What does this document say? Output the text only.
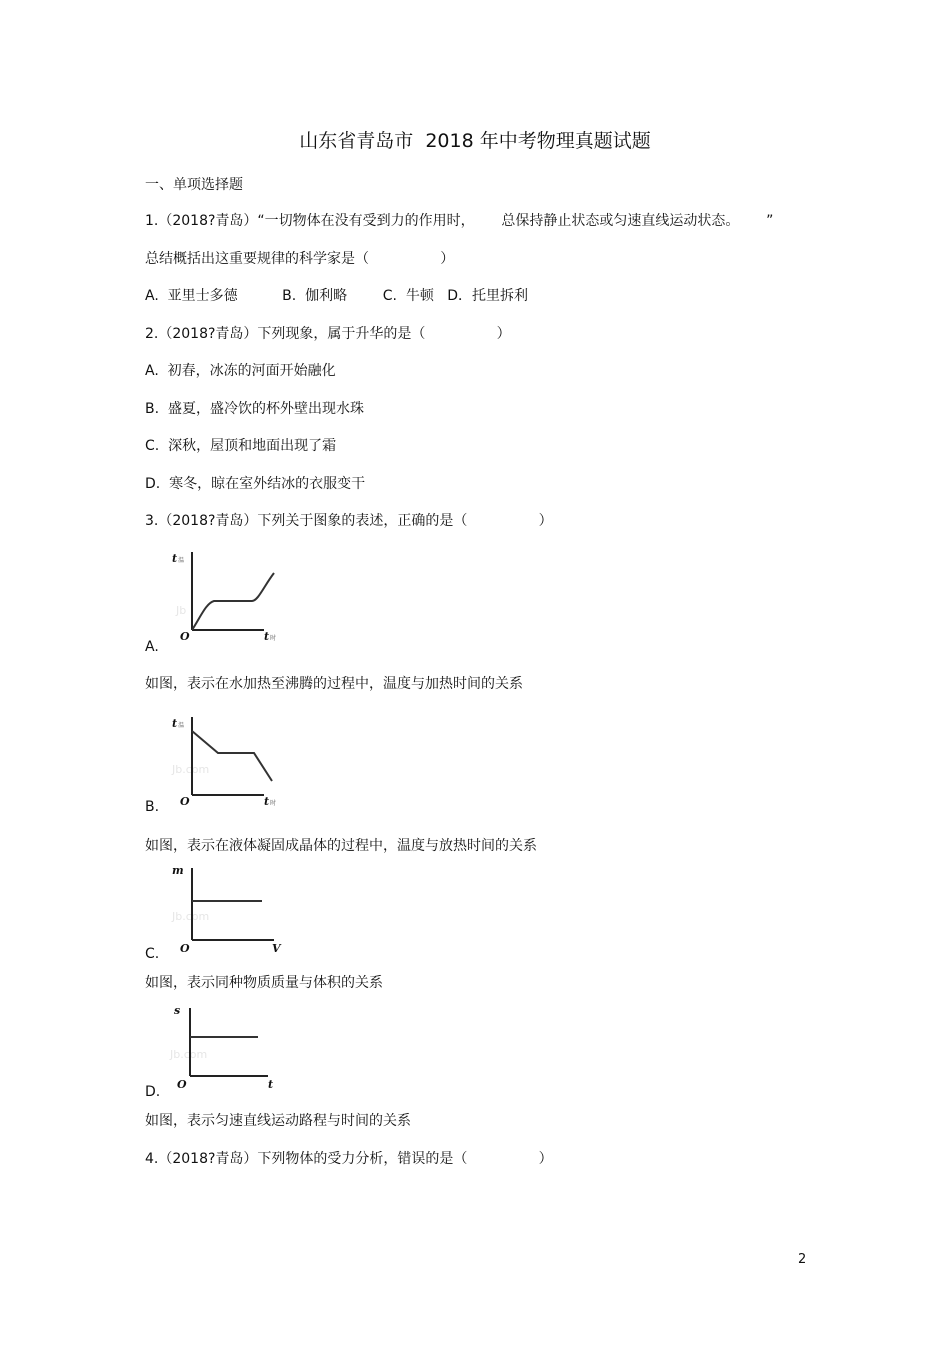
山东省青岛市  2018 年中考物理真题试题
一、单项选择题
1.（2018?青岛）“一切物体在没有受到力的作用时，      总保持静止状态或匀速直线运动状态。      ”
总结概括出这重要规律的科学家是（                ）
A.  亚里士多德          B.  伽利略        C.  牛顿   D．托里拆利
2.（2018?青岛）下列现象，属于升华的是（                ）
A.  初春，冰冻的河面开始融化
B.  盛夏，盛冷饮的杯外壁出现水珠
C.  深秋，屋顶和地面出现了霜
D.  寒冬，晾在室外结冰的衣服变干
3.（2018?青岛）下列关于图象的表述，正确的是（                ）
Jb
t温
O	t时
A.
如图，表示在水加热至沸腾的过程中，温度与加热时间的关系
Jb.com
t温
O	t时
B.
如图，表示在液体凝固成晶体的过程中，温度与放热时间的关系
Jb.com
m
O	V
C.
如图，表示同种物质质量与体积的关系
Jb.com
s
O	t
D.
如图，表示匀速直线运动路程与时间的关系
4.（2018?青岛）下列物体的受力分析，错误的是（                ）
2
